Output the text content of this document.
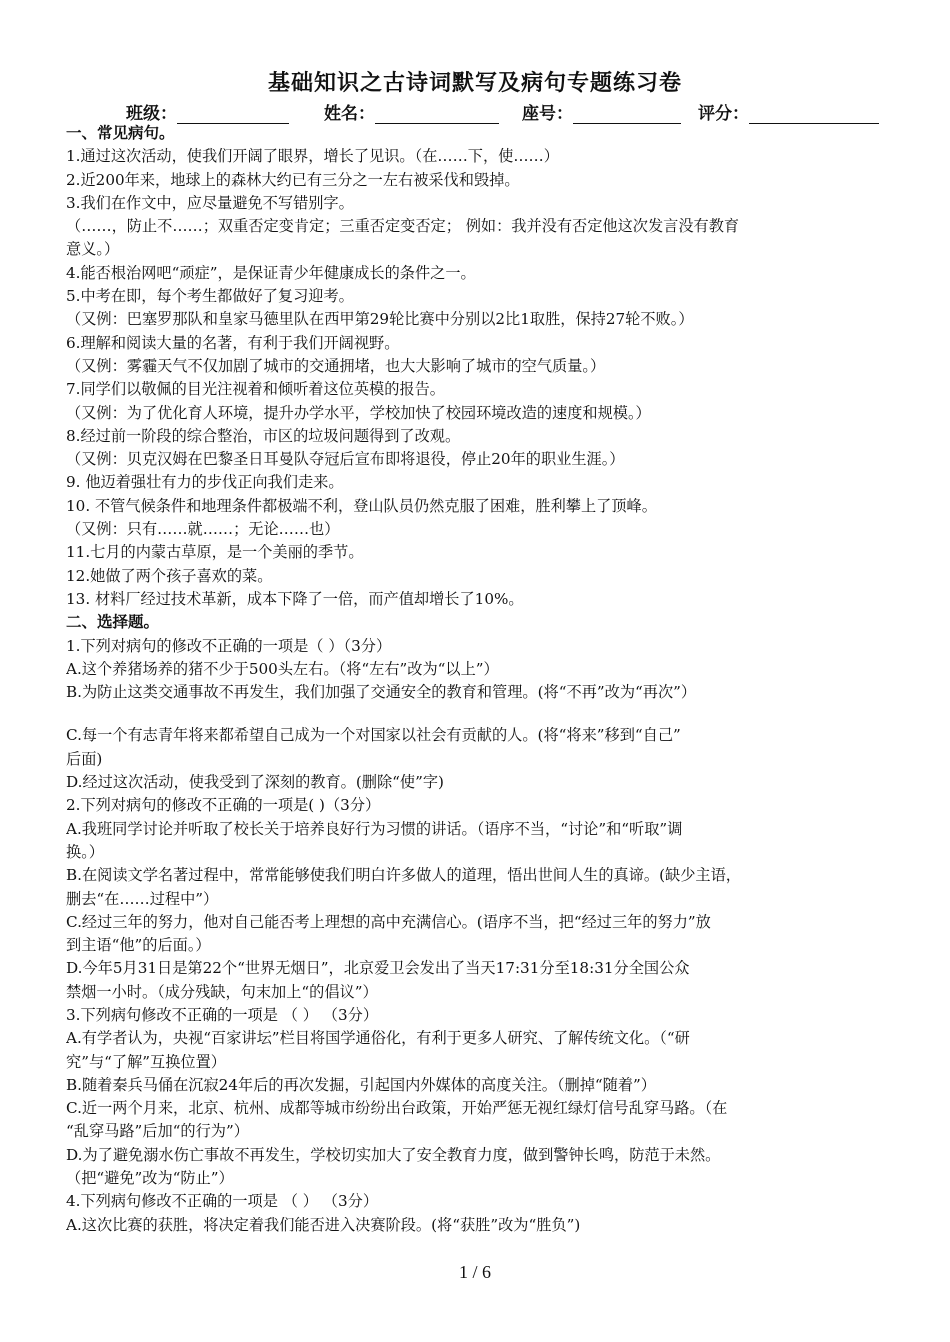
基础知识之古诗词默写及病句专题练习卷
班级：	姓名：	座号：	评分：
一、常见病句。
1.通过这次活动，使我们开阔了眼界，增长了见识。（在……下，使……）
2.近200年来，地球上的森林大约已有三分之一左右被采伐和毁掉。
3.我们在作文中，应尽量避免不写错别字。
（……，防止不……；双重否定变肯定；三重否定变否定； 例如：我并没有否定他这次发言没有教育
意义。）
4.能否根治网吧“顽症”，是保证青少年健康成长的条件之一。
5.中考在即，每个考生都做好了复习迎考。
（又例：巴塞罗那队和皇家马德里队在西甲第29轮比赛中分别以2比1取胜，保持27轮不败。）
6.理解和阅读大量的名著，有利于我们开阔视野。
（又例：雾霾天气不仅加剧了城市的交通拥堵，也大大影响了城市的空气质量。）
7.同学们以敬佩的目光注视着和倾听着这位英模的报告。
（又例：为了优化育人环境，提升办学水平，学校加快了校园环境改造的速度和规模。）
8.经过前一阶段的综合整治，市区的垃圾问题得到了改观。
（又例：贝克汉姆在巴黎圣日耳曼队夺冠后宣布即将退役，停止20年的职业生涯。）
9. 他迈着强壮有力的步伐正向我们走来。
10. 不管气候条件和地理条件都极端不利，登山队员仍然克服了困难，胜利攀上了顶峰。
（又例：只有……就……；无论……也）
11.七月的内蒙古草原，是一个美丽的季节。
12.她做了两个孩子喜欢的菜。
13. 材料厂经过技术革新，成本下降了一倍，而产值却增长了10%。
二、选择题。
1.下列对病句的修改不正确的一项是（ ）（3分）
A.这个养猪场养的猪不少于500头左右。（将“左右”改为“以上”）
B.为防止这类交通事故不再发生，我们加强了交通安全的教育和管理。(将“不再”改为“再次”）
C.每一个有志青年将来都希望自己成为一个对国家以社会有贡献的人。(将“将来”移到“自己”
后面)
D.经过这次活动，使我受到了深刻的教育。(删除“使”字)
2.下列对病句的修改不正确的一项是( )（3分）
A.我班同学讨论并听取了校长关于培养良好行为习惯的讲话。（语序不当，“讨论”和“听取”调
换。）
B.在阅读文学名著过程中，常常能够使我们明白许多做人的道理，悟出世间人生的真谛。(缺少主语，
删去“在……过程中”）
C.经过三年的努力，他对自己能否考上理想的高中充满信心。(语序不当，把“经过三年的努力”放
到主语“他”的后面。）
D.今年5月31日是第22个“世界无烟日”，北京爱卫会发出了当天17:31分至18:31分全国公众
禁烟一小时。（成分残缺，句末加上“的倡议”）
3.下列病句修改不正确的一项是 （ ） （3分）
A.有学者认为，央视“百家讲坛”栏目将国学通俗化，有利于更多人研究、了解传统文化。（“研
究”与“了解”互换位置）
B.随着秦兵马俑在沉寂24年后的再次发掘，引起国内外媒体的高度关注。（删掉“随着”）
C.近一两个月来，北京、杭州、成都等城市纷纷出台政策，开始严惩无视红绿灯信号乱穿马路。（在
“乱穿马路”后加“的行为”）
D.为了避免溺水伤亡事故不再发生，学校切实加大了安全教育力度，做到警钟长鸣，防范于未然。
（把“避免”改为“防止”）
4.下列病句修改不正确的一项是 （ ） （3分）
A.这次比赛的获胜，将决定着我们能否进入决赛阶段。(将“获胜”改为“胜负”)
1 / 6
